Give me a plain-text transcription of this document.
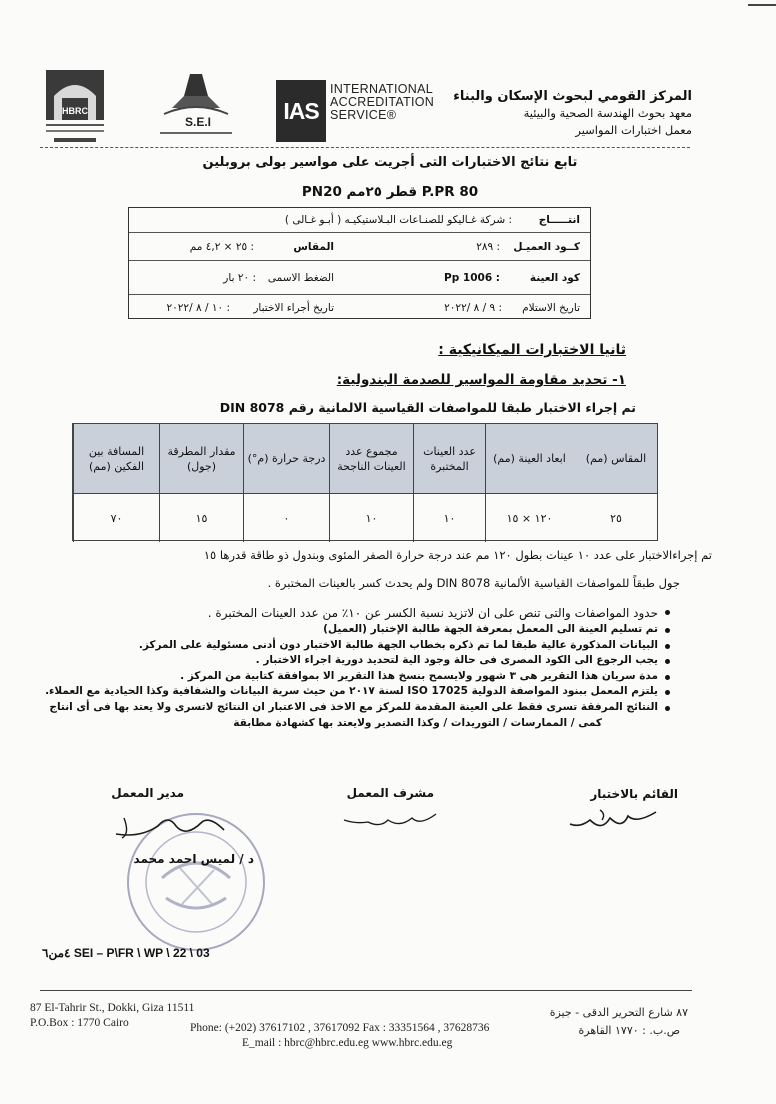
HBRC
S.E.I	IAS
INTERNATIONAL
ACCREDITATION
SERVICE®
المركز القومي لبحوث الإسكان والبناء
معهد بحوث الهندسة الصحية والبيئية
معمل اختبارات المواسير
تابع نتائج الاختبارات التى أجريت على مواسير بولى بروبلين
P.PR 80 قطر ٢٥مم PN20
انتـــــاج
: شركة غـاليكو للصنـاعات البـلاستيكيـه ( أبـو غـالى )
كــود العميـل
: ٢٨٩
المقاس
: ٢٥ × ٤,٢ مم
كود العينة
: Pp 1006
الضغط الاسمى
: ٢٠ بار
تاريخ الاستلام
: ٩ / ٨ /٢٠٢٢
تاريخ أجراء الاختبار
: ١٠ / ٨ /٢٠٢٢
ثانيا الاختبارات الميكانيكية :
١- تحديد مقاومة المواسير للصدمة البندولية:
تم إجراء الاختبار طبقا للمواصفات القياسية الالمانية رقم DIN 8078
المقاس (مم)
ابعاد العينة (مم)
عدد العينات المختبرة
مجموع عدد العينات الناجحة
درجة حرارة (م°)
مقدار المطرقة (جول)
المسافة بين الفكين (مم)
٢٥
١٢٠ × ١٥
١٠
١٠
٠
١٥
٧٠
تم إجراءالاختبار على عدد ١٠ عينات بطول ١٢٠ مم عند درجة حرارة الصفر المئوى وبندول ذو طاقة قدرها ١٥
جول طبقاً للمواصفات القياسية الألمانية DIN 8078 ولم يحدث كسر بالعينات المختبرة .
حدود المواصفات والتى تنص على ان لاتزيد نسبة الكسر عن ١٠٪ من عدد العينات المختبرة .
تم تسليم العينة الى المعمل بمعرفة الجهة طالبة الإختبار (العميل)
البيانات المذكورة عالية طبقا لما تم ذكره بخطاب الجهة طالبة الاختبار دون أدنى مسئولية على المركز.
يجب الرجوع الى الكود المصرى فى حالة وجود الية لتحديد دورية اجراء الاختبار .
مدة سريان هذا التقرير هى ٣ شهور ولايسمح بنسخ هذا التقرير الا بموافقة كتابية من المركز .
يلتزم المعمل ببنود المواصفة الدولية ISO 17025 لسنة ٢٠١٧ من حيث سرية البيانات والشفافية وكذا الحيادية مع العملاء.
النتائج المرفقة تسرى فقط على العينة المقدمة للمركز مع الاخذ فى الاعتبار ان النتائج لاتسرى ولا يعتد بها فى أى انتاج
كمى / الممارسات / التوريدات / وكذا التصدير ولايعتد بها كشهادة مطابقة
القائم بالاختبار
مشرف المعمل
مدير المعمل
د / لميس احمد محمد
٤من٦ SEI – P\FR \ WP \ 22 \ 03
87 El-Tahrir St., Dokki, Giza 11511
P.O.Box : 1770 Cairo	Phone: (+202) 37617102 , 37617092 Fax : 33351564 , 37628736
E_mail : hbrc@hbrc.edu.eg www.hbrc.edu.eg
٨٧ شارع التحرير الدقى - جيزة
ص.ب. : ١٧٧٠ القاهرة
